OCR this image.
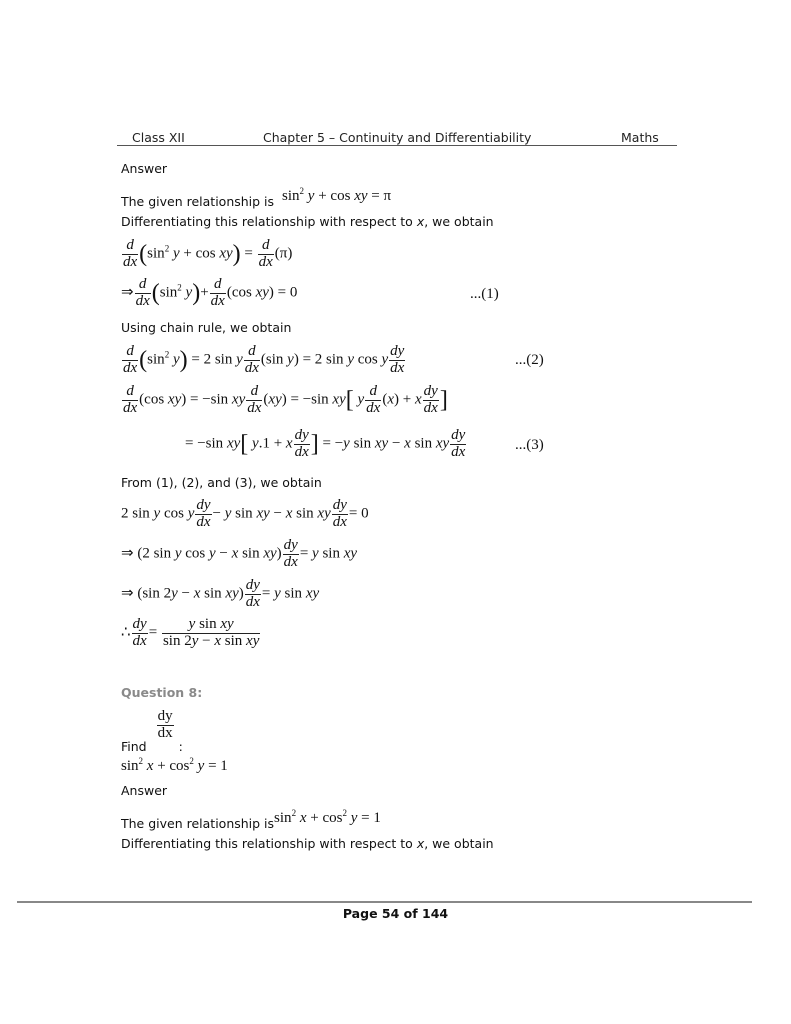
Class XII	Chapter 5 – Continuity and Differentiability	Maths
Answer
The given relationship is $\sin^2 y + \cos$ xy = π
Differentiating this relationship with respect to x, we obtain
$\frac{d}{dx} (\sin^2$ $y + \cos xy) = \frac{d}{dx} (\pi)$
⇒ $\frac{d}{dx} (\sin^2$ $y)+ \frac{d}{dx} (\cos$ xy) = 0	...(1)
Using chain rule, we obtain
$\frac{d}{dx} (\sin^2$ y) = 2 sin y $\frac{d}{dx} (\sin$ y) = 2 sin y cos y $\frac{dy}{dx}$	...(2)
$\frac{d}{dx} (\cos$ xy) = −sin xy $\frac{d}{dx} (xy) = -\sin$ xy[ y $\frac{d}{dx} (x) + x \frac{dy}{dx}$ ]
= −sin xy[ y.1 + x $\frac{dy}{dx}$ ] = −y sin xy − x sin xy $\frac{dy}{dx}$	...(3)
From (1), (2), and (3), we obtain
2 sin y cos y $\frac{dy}{dx} - y$ sin xy − x sin xy $\frac{dy}{dx} = 0$
⇒ (2 sin y cos y − x $\sin xy) \frac{dy}{dx} = y$ sin xy
⇒ (sin 2y − x $\sin xy) \frac{dy}{dx} = y$ sin xy
∴ $\frac{dy}{dx} = \frac{\text{y sin xy}}{\text{sin 2y − x sin xy}}$
Question 8:
Find
$\frac{dy}{dx}$
:
$\sin^2 x + \cos^2 y = 1$
Answer
The given relationship issin$^2$ $x + \cos^2 y = 1$
Differentiating this relationship with respect to x, we obtain
Page 54 of 144
